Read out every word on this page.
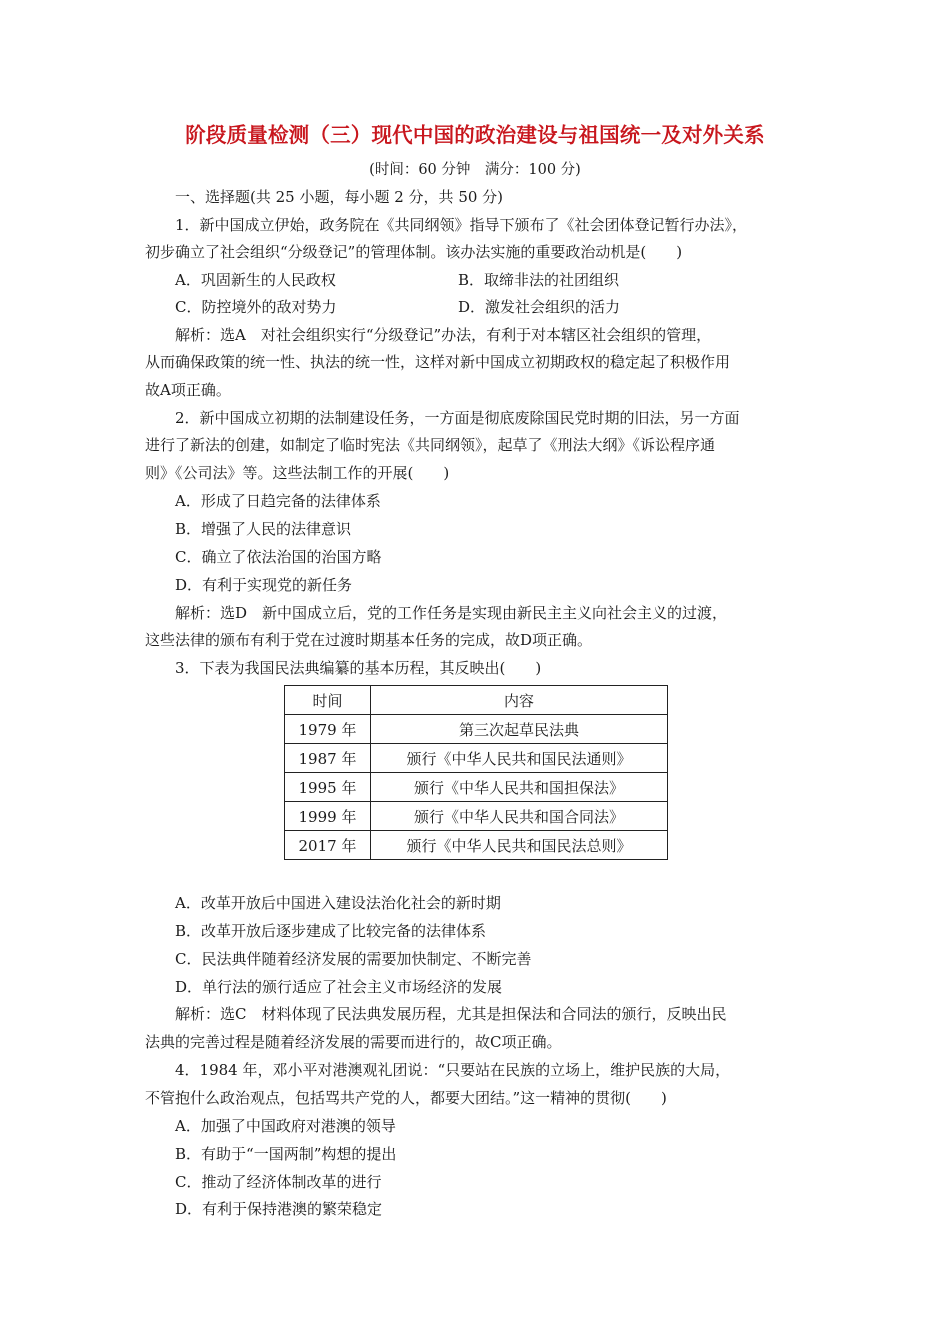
阶段质量检测（三）现代中国的政治建设与祖国统一及对外关系
(时间：60 分钟　满分：100 分)
一、选择题(共 25 小题，每小题 2 分，共 50 分)
1．新中国成立伊始，政务院在《共同纲领》指导下颁布了《社会团体登记暂行办法》，
初步确立了社会组织“分级登记”的管理体制。该办法实施的重要政治动机是(　　)
A．巩固新生的人民政权	B．取缔非法的社团组织
C．防控境外的敌对势力	D．激发社会组织的活力
解析：选A　对社会组织实行“分级登记”办法，有利于对本辖区社会组织的管理，
从而确保政策的统一性、执法的统一性，这样对新中国成立初期政权的稳定起了积极作用
故A项正确。
2．新中国成立初期的法制建设任务，一方面是彻底废除国民党时期的旧法，另一方面
进行了新法的创建，如制定了临时宪法《共同纲领》，起草了《刑法大纲》《诉讼程序通
则》《公司法》等。这些法制工作的开展(　　)
A．形成了日趋完备的法律体系
B．增强了人民的法律意识
C．确立了依法治国的治国方略
D．有利于实现党的新任务
解析：选D　新中国成立后，党的工作任务是实现由新民主主义向社会主义的过渡，
这些法律的颁布有利于党在过渡时期基本任务的完成，故D项正确。
3．下表为我国民法典编纂的基本历程，其反映出(　　)
时间	内容
1979 年	第三次起草民法典
1987 年	颁行《中华人民共和国民法通则》
1995 年	颁行《中华人民共和国担保法》
1999 年	颁行《中华人民共和国合同法》
2017 年	颁行《中华人民共和国民法总则》
A．改革开放后中国进入建设法治化社会的新时期
B．改革开放后逐步建成了比较完备的法律体系
C．民法典伴随着经济发展的需要加快制定、不断完善
D．单行法的颁行适应了社会主义市场经济的发展
解析：选C　材料体现了民法典发展历程，尤其是担保法和合同法的颁行，反映出民
法典的完善过程是随着经济发展的需要而进行的，故C项正确。
4．1984 年，邓小平对港澳观礼团说：“只要站在民族的立场上，维护民族的大局，
不管抱什么政治观点，包括骂共产党的人，都要大团结。”这一精神的贯彻(　　)
A．加强了中国政府对港澳的领导
B．有助于“一国两制”构想的提出
C．推动了经济体制改革的进行
D．有利于保持港澳的繁荣稳定
